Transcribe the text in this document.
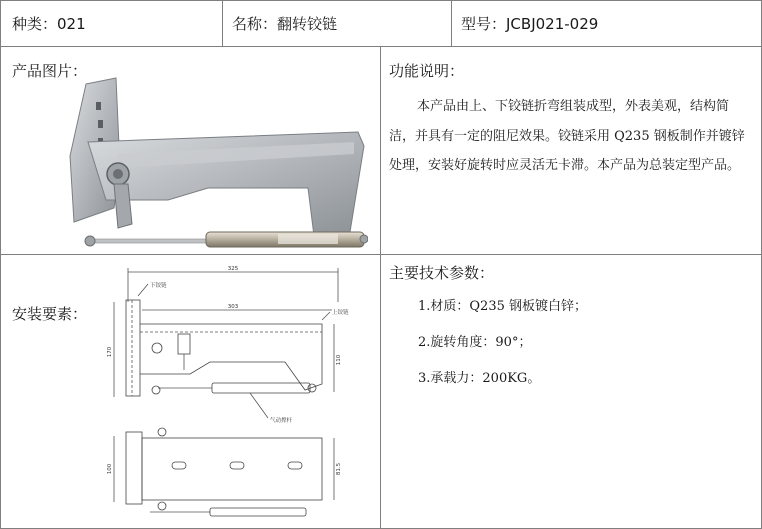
种类：021	名称：翻转铰链	型号：JCBJ021-029
产品图片：	功能说明：
本产品由上、下铰链折弯组装成型，外表美观，结构简洁，并具有一定的阻尼效果。铰链采用 Q235 钢板制作并镀锌处理，安装好旋转时应灵活无卡滞。本产品为总装定型产品。
安装要素：
325
303
下铰链
上铰链
170
110
气动撑杆
100	81.5
主要技术参数：
1.材质：Q235 钢板镀白锌；
2.旋转角度：90°；
3.承载力：200KG。
